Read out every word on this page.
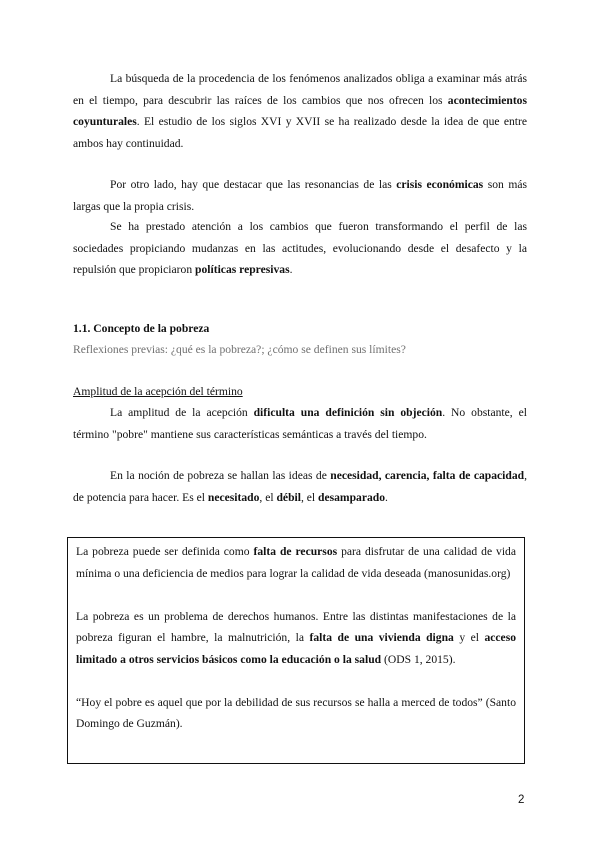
La búsqueda de la procedencia de los fenómenos analizados obliga a examinar más atrás en el tiempo, para descubrir las raíces de los cambios que nos ofrecen los acontecimientos coyunturales. El estudio de los siglos XVI y XVII se ha realizado desde la idea de que entre ambos hay continuidad.
Por otro lado, hay que destacar que las resonancias de las crisis económicas son más largas que la propia crisis.
Se ha prestado atención a los cambios que fueron transformando el perfil de las sociedades propiciando mudanzas en las actitudes, evolucionando desde el desafecto y la repulsión que propiciaron políticas represivas.
1.1. Concepto de la pobreza
Reflexiones previas: ¿qué es la pobreza?; ¿cómo se definen sus límites?
Amplitud de la acepción del término
La amplitud de la acepción dificulta una definición sin objeción. No obstante, el término "pobre" mantiene sus características semánticas a través del tiempo.
En la noción de pobreza se hallan las ideas de necesidad, carencia, falta de capacidad, de potencia para hacer. Es el necesitado, el débil, el desamparado.

La pobreza puede ser definida como falta de recursos para disfrutar de una calidad de vida mínima o una deficiencia de medios para lograr la calidad de vida deseada (manosunidas.org)

La pobreza es un problema de derechos humanos. Entre las distintas manifestaciones de la pobreza figuran el hambre, la malnutrición, la falta de una vivienda digna y el acceso limitado a otros servicios básicos como la educación o la salud (ODS 1, 2015).

“Hoy el pobre es aquel que por la debilidad de sus recursos se halla a merced de todos” (Santo Domingo de Guzmán).

2
